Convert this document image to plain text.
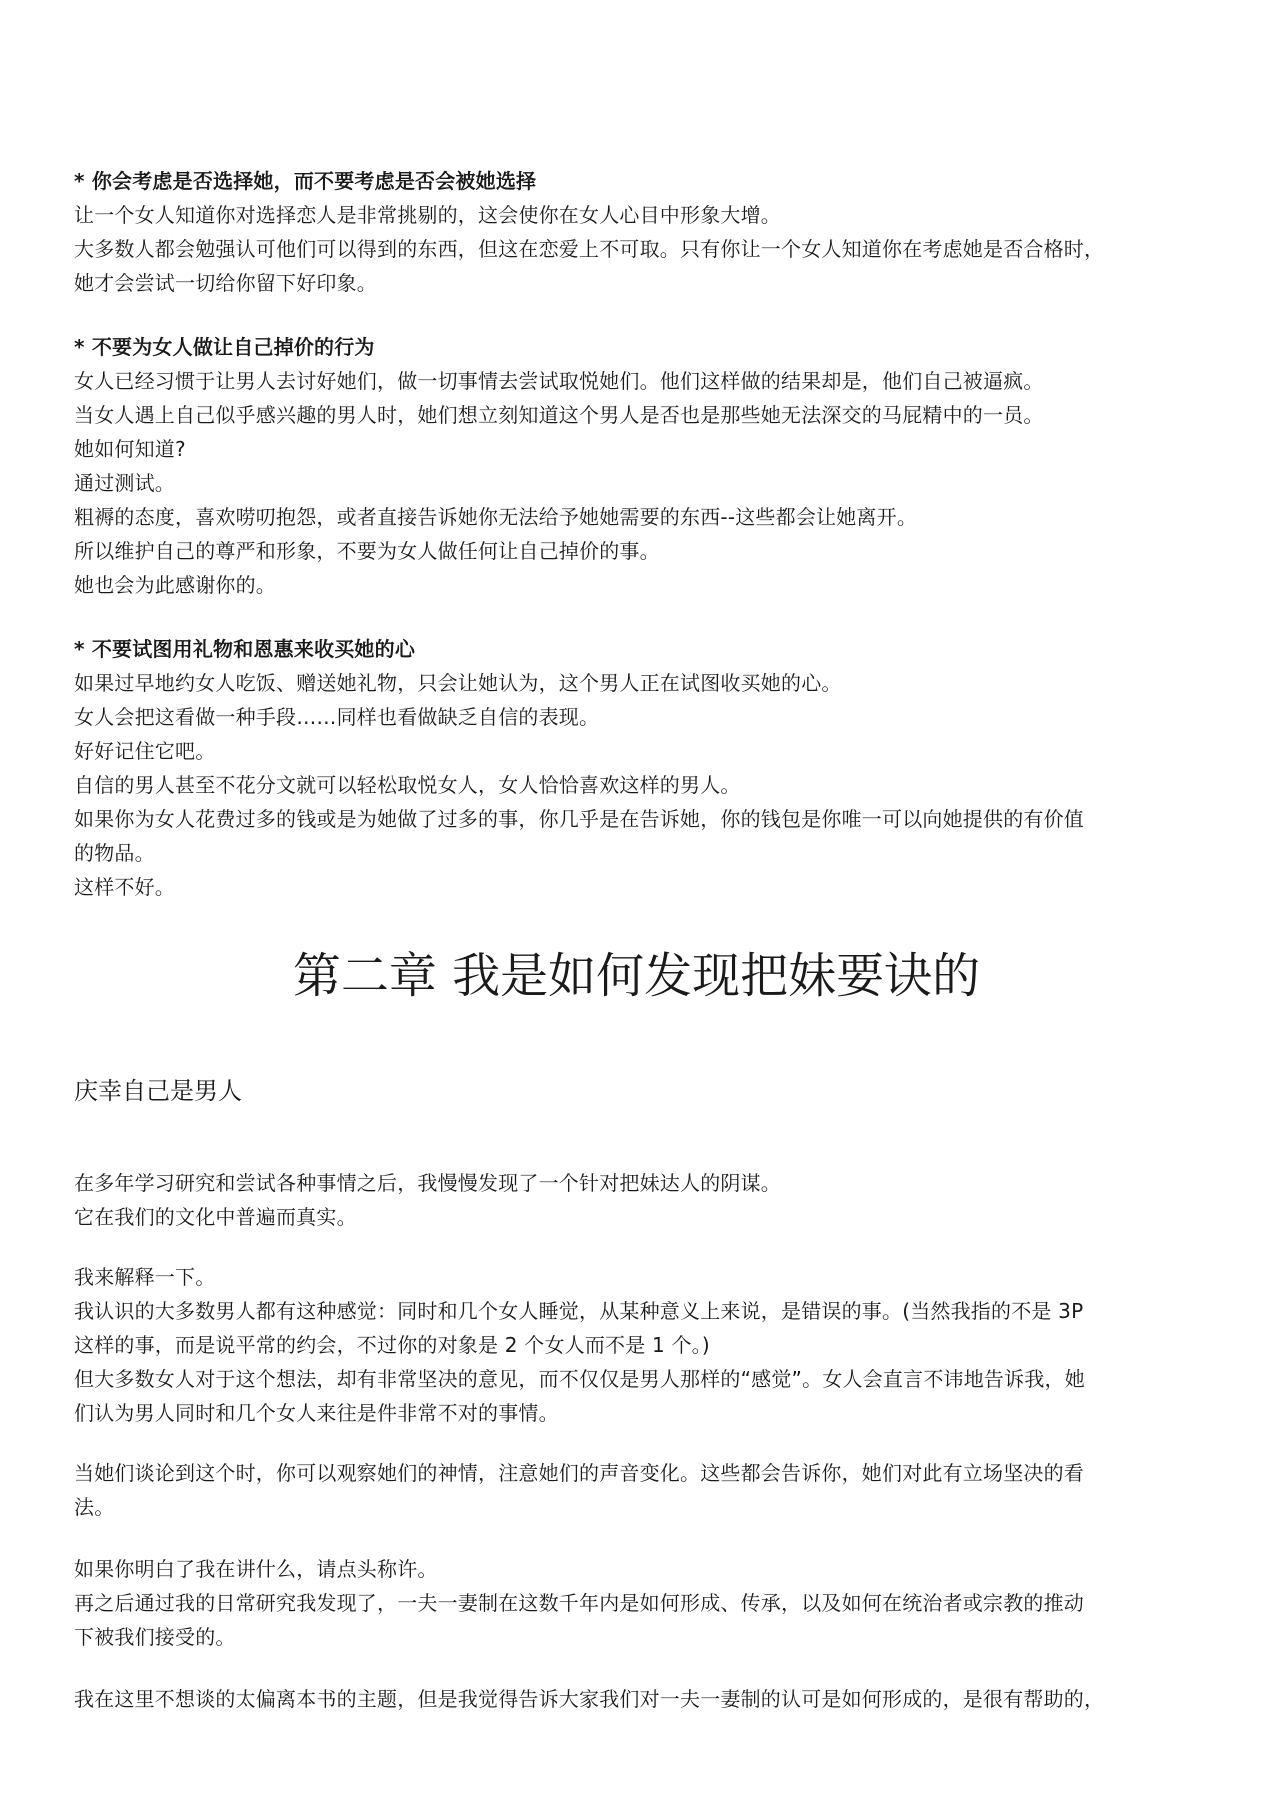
* 你会考虑是否选择她，而不要考虑是否会被她选择
让一个女人知道你对选择恋人是非常挑剔的，这会使你在女人心目中形象大增。
大多数人都会勉强认可他们可以得到的东西，但这在恋爱上不可取。只有你让一个女人知道你在考虑她是否合格时，
她才会尝试一切给你留下好印象。
* 不要为女人做让自己掉价的行为
女人已经习惯于让男人去讨好她们，做一切事情去尝试取悦她们。他们这样做的结果却是，他们自己被逼疯。
当女人遇上自己似乎感兴趣的男人时，她们想立刻知道这个男人是否也是那些她无法深交的马屁精中的一员。
她如何知道?
通过测试。
粗褥的态度，喜欢唠叨抱怨，或者直接告诉她你无法给予她她需要的东西--这些都会让她离开。
所以维护自己的尊严和形象，不要为女人做任何让自己掉价的事。
她也会为此感谢你的。
* 不要试图用礼物和恩惠来收买她的心
如果过早地约女人吃饭、赠送她礼物，只会让她认为，这个男人正在试图收买她的心。
女人会把这看做一种手段……同样也看做缺乏自信的表现。
好好记住它吧。
自信的男人甚至不花分文就可以轻松取悦女人，女人恰恰喜欢这样的男人。
如果你为女人花费过多的钱或是为她做了过多的事，你几乎是在告诉她，你的钱包是你唯一可以向她提供的有价值
的物品。
这样不好。
第二章 我是如何发现把妹要诀的
庆幸自己是男人
在多年学习研究和尝试各种事情之后，我慢慢发现了一个针对把妹达人的阴谋。
它在我们的文化中普遍而真实。
我来解释一下。
我认识的大多数男人都有这种感觉：同时和几个女人睡觉，从某种意义上来说，是错误的事。(当然我指的不是 3P
这样的事，而是说平常的约会，不过你的对象是 2 个女人而不是 1 个。)
但大多数女人对于这个想法，却有非常坚决的意见，而不仅仅是男人那样的“感觉”。女人会直言不讳地告诉我，她
们认为男人同时和几个女人来往是件非常不对的事情。
当她们谈论到这个时，你可以观察她们的神情，注意她们的声音变化。这些都会告诉你，她们对此有立场坚决的看
法。
如果你明白了我在讲什么，请点头称许。
再之后通过我的日常研究我发现了，一夫一妻制在这数千年内是如何形成、传承，以及如何在统治者或宗教的推动
下被我们接受的。
我在这里不想谈的太偏离本书的主题，但是我觉得告诉大家我们对一夫一妻制的认可是如何形成的，是很有帮助的，
